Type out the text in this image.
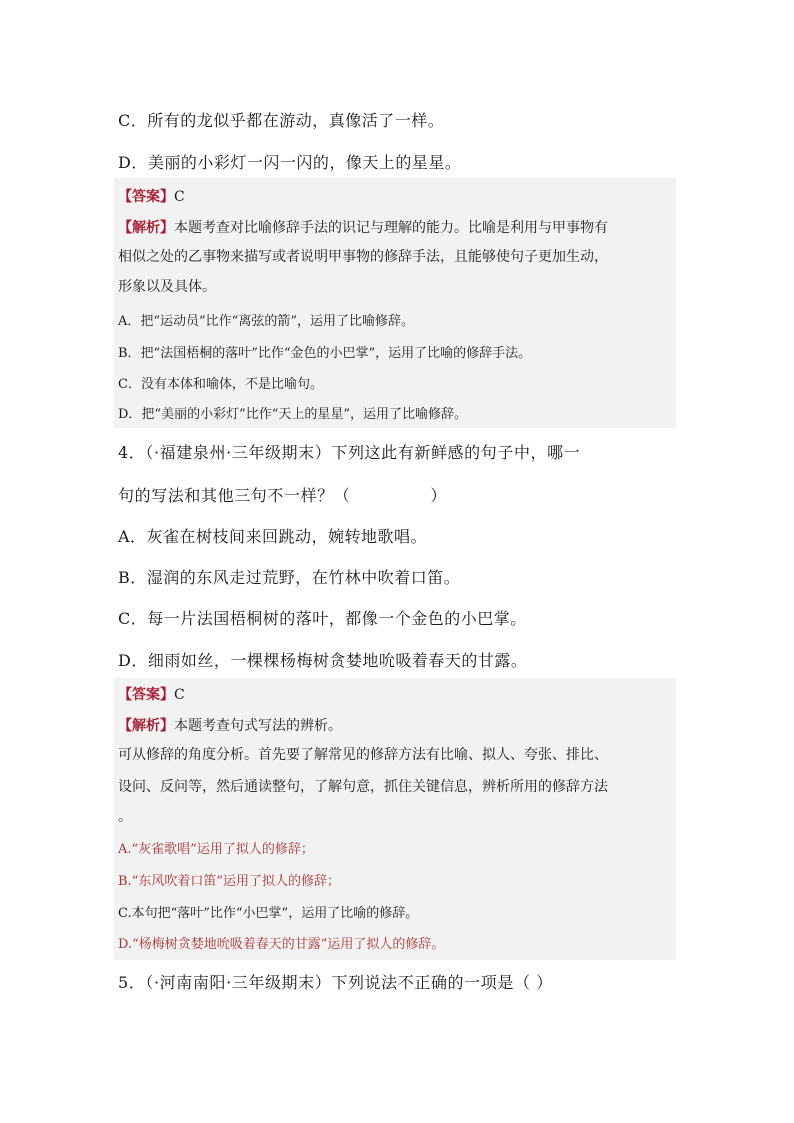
C．所有的龙似乎都在游动，真像活了一样。
D．美丽的小彩灯一闪一闪的，像天上的星星。
【答案】C
【解析】本题考查对比喻修辞手法的识记与理解的能力。比喻是利用与甲事物有
相似之处的乙事物来描写或者说明甲事物的修辞手法，且能够使句子更加生动，
形象以及具体。
A．把“运动员”比作“离弦的箭”，运用了比喻修辞。
B．把“法国梧桐的落叶”比作“金色的小巴掌”，运用了比喻的修辞手法。
C．没有本体和喻体，不是比喻句。
D．把“美丽的小彩灯”比作“天上的星星”，运用了比喻修辞。
4．（·福建泉州·三年级期末）下列这此有新鲜感的句子中，哪一
句的写法和其他三句不一样？（	）
A．灰雀在树枝间来回跳动，婉转地歌唱。
B．湿润的东风走过荒野，在竹林中吹着口笛。
C．每一片法国梧桐树的落叶，都像一个金色的小巴掌。
D．细雨如丝，一棵棵杨梅树贪婪地吮吸着春天的甘露。
【答案】C
【解析】本题考查句式写法的辨析。
可从修辞的角度分析。首先要了解常见的修辞方法有比喻、拟人、夸张、排比、
设问、反问等，然后通读整句，了解句意，抓住关键信息，辨析所用的修辞方法
。
A.“灰雀歌唱”运用了拟人的修辞；
B.“东风吹着口笛”运用了拟人的修辞；
C.本句把“落叶”比作“小巴掌”，运用了比喻的修辞。
D.“杨梅树贪婪地吮吸着春天的甘露”运用了拟人的修辞。
5．（·河南南阳·三年级期末）下列说法不正确的一项是（ ）
